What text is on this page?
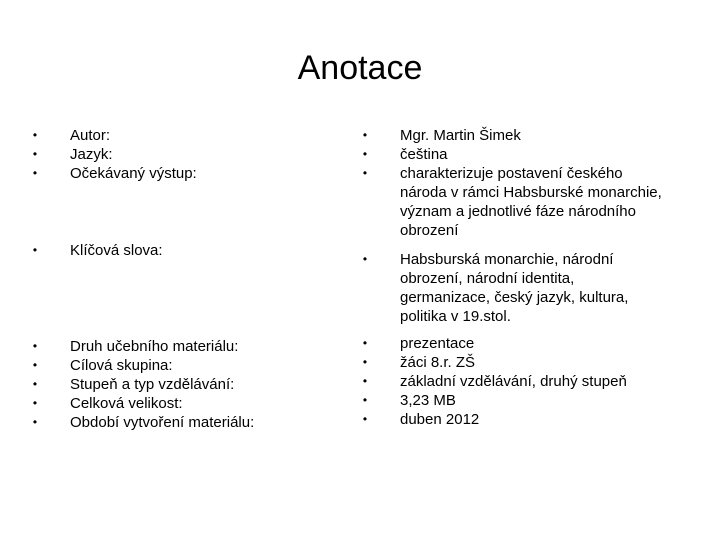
Anotace
• Autor:
• Jazyk:
• Očekávaný výstup:
• Klíčová slova:
• Druh učebního materiálu:
• Cílová skupina:
• Stupeň a typ vzdělávání:
• Celková velikost:
• Období vytvoření materiálu:
• Mgr. Martin Šimek
• čeština
• charakterizuje postavení českého národa v rámci Habsburské monarchie, význam a jednotlivé fáze národního obrození
• Habsburská monarchie, národní obrození, národní identita, germanizace, český jazyk, kultura, politika v 19.stol.
• prezentace
• žáci 8.r. ZŠ
• základní vzdělávání, druhý stupeň
• 3,23 MB
• duben 2012
